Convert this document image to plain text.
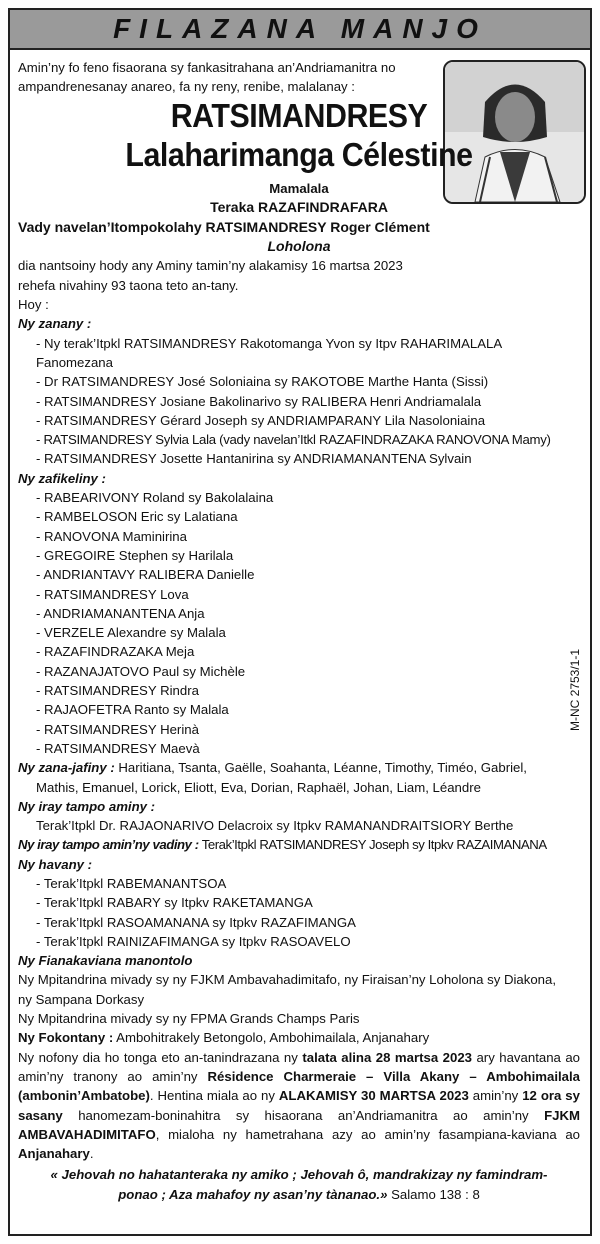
FILAZANA MANJO

Amin’ny fo feno fisaorana sy fankasitrahana an’Andriamanitra no

ampandrenesanay anareo, fa ny reny, renibe, malalanay :

RATSIMANDRESY

Lalaharimanga Célestine

Mamalala

Teraka RAZAFINDRAFARA

Vady navelan’Itompokolahy RATSIMANDRESY Roger Clément

Loholona

dia nantsoiny hody any Aminy tamin’ny alakamisy 16 martsa 2023

rehefa nivahiny 93 taona teto an-tany.

Hoy :

Ny zanany :

- Ny terak’Itpkl RATSIMANDRESY Rakotomanga Yvon sy Itpv RAHARIMALALA Fanomezana

- Dr RATSIMANDRESY José Soloniaina sy RAKOTOBE Marthe Hanta (Sissi)

- RATSIMANDRESY Josiane Bakolinarivo sy RALIBERA Henri Andriamalala

- RATSIMANDRESY Gérard Joseph sy ANDRIAMPARANY Lila Nasoloniaina

- RATSIMANDRESY Sylvia Lala (vady navelan’Itkl RAZAFINDRAZAKA RANOVONA Mamy)

- RATSIMANDRESY Josette Hantanirina sy ANDRIAMANANTENA Sylvain

Ny zafikeliny :

- RABEARIVONY Roland sy Bakolalaina

- RAMBELOSON Eric sy Lalatiana

- RANOVONA Maminirina

- GREGOIRE Stephen sy Harilala

- ANDRIANTAVY RALIBERA Danielle

- RATSIMANDRESY Lova

- ANDRIAMANANTENA Anja

- VERZELE Alexandre sy Malala

- RAZAFINDRAZAKA Meja

- RAZANAJATOVO Paul sy Michèle

- RATSIMANDRESY Rindra

- RAJAOFETRA Ranto sy Malala

- RATSIMANDRESY Herinà

- RATSIMANDRESY Maevà

Ny zana-jafiny : Haritiana, Tsanta, Gaëlle, Soahanta, Léanne, Timothy, Timéo, Gabriel,

Mathis, Emanuel, Lorick, Eliott, Eva, Dorian, Raphaël, Johan, Liam, Léandre

Ny iray tampo aminy :

Terak’Itpkl Dr. RAJAONARIVO Delacroix sy Itpkv RAMANANDRAITSIORY Berthe

Ny iray tampo amin’ny vadiny : Terak’Itpkl RATSIMANDRESY Joseph sy Itpkv RAZAIMANANA

Ny havany :

- Terak’Itpkl RABEMANANTSOA

- Terak’Itpkl RABARY sy Itpkv RAKETAMANGA

- Terak’Itpkl RASOAMANANA sy Itpkv RAZAFIMANGA

- Terak’Itpkl RAINIZAFIMANGA sy Itpkv RASOAVELO

Ny Fianakaviana manontolo

Ny Mpitandrina mivady sy ny FJKM Ambavahadimitafo, ny Firaisan’ny Loholona sy Diakona,

ny Sampana Dorkasy

Ny Mpitandrina mivady sy ny FPMA Grands Champs Paris

Ny Fokontany : Ambohitrakely Betongolo, Ambohimailala, Anjanahary

Ny nofony dia ho tonga eto an-tanindrazana ny talata alina 28 martsa 2023 ary havantana ao amin’ny tranony ao amin’ny Résidence Charmeraie – Villa Akany – Ambohimailala (ambonin’Ambatobe). Hentina miala ao ny ALAKAMISY 30 MARTSA 2023 amin’ny 12 ora sy sasany hanomezam-boninahitra sy hisaorana an’Andriamanitra ao amin’ny FJKM AMBAVAHADIMITAFO, mialoha ny hametrahana azy ao amin’ny fasampiana-kaviana ao Anjanahary.

« Jehovah no hahatanteraka ny amiko ; Jehovah ô, mandrakizay ny famindram-
ponao ; Aza mahafoy ny asan’ny tànanao.» Salamo 138 : 8

M-NC 2753/1-1
